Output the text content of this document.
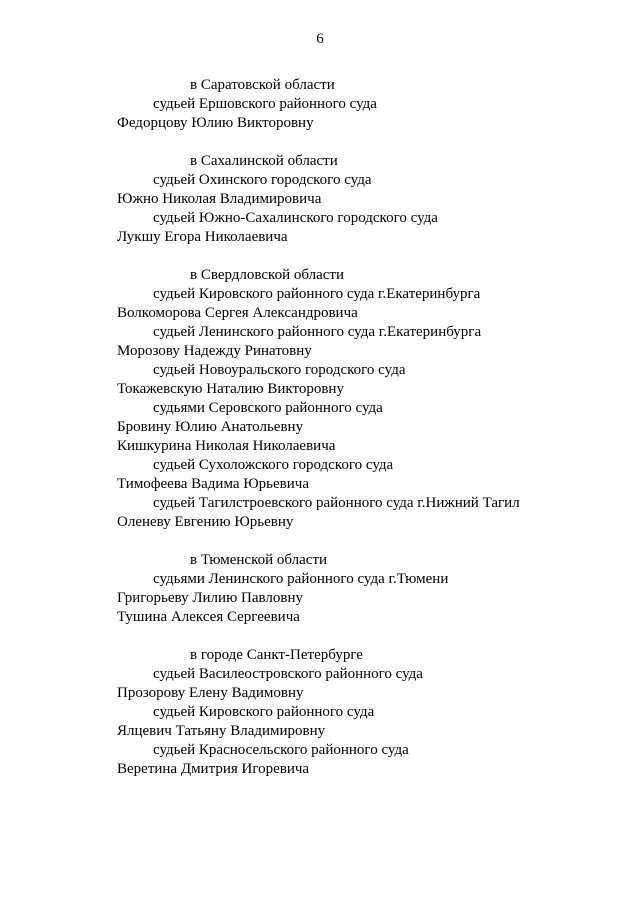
6
в Саратовской области
судьей Ершовского районного суда
Федорцову Юлию Викторовну
в Сахалинской области
судьей Охинского городского суда
Южно Николая Владимировича
судьей Южно-Сахалинского городского суда
Лукшу Егора Николаевича
в Свердловской области
судьей Кировского районного суда г.Екатеринбурга
Волкоморова Сергея Александровича
судьей Ленинского районного суда г.Екатеринбурга
Морозову Надежду Ринатовну
судьей Новоуральского городского суда
Токажевскую Наталию Викторовну
судьями Серовского районного суда
Бровину Юлию Анатольевну
Кишкурина Николая Николаевича
судьей Сухоложского городского суда
Тимофеева Вадима Юрьевича
судьей Тагилстроевского районного суда г.Нижний Тагил
Оленеву Евгению Юрьевну
в Тюменской области
судьями Ленинского районного суда г.Тюмени
Григорьеву Лилию Павловну
Тушина Алексея Сергеевича
в городе Санкт-Петербурге
судьей Василеостровского районного суда
Прозорову Елену Вадимовну
судьей Кировского районного суда
Ялцевич Татьяну Владимировну
судьей Красносельского районного суда
Веретина Дмитрия Игоревича
